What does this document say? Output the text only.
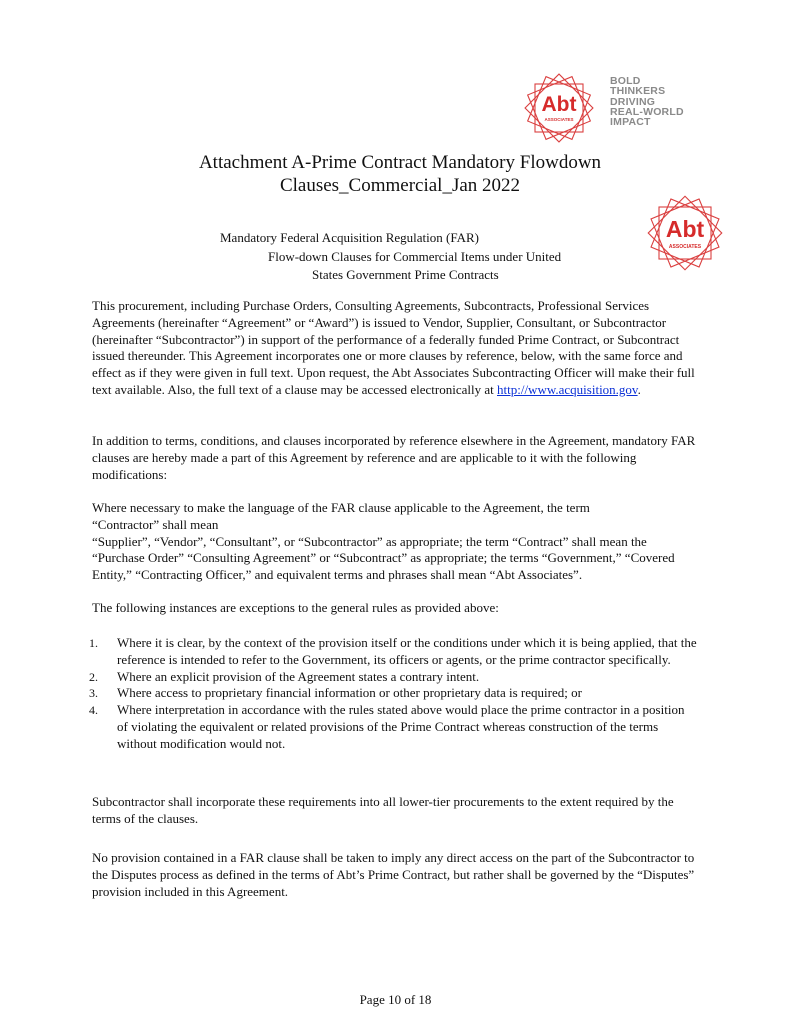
Abt
ASSOCIATES
BOLD
THINKERS
DRIVING
REAL-WORLD
IMPACT
Attachment A-Prime Contract Mandatory Flowdown
Clauses_Commercial_Jan 2022
Mandatory Federal Acquisition Regulation (FAR)
Flow-down Clauses for Commercial Items under United
States Government Prime Contracts
Abt
ASSOCIATES

This procurement, including Purchase Orders, Consulting Agreements, Subcontracts, Professional Services Agreements (hereinafter “Agreement” or “Award”) is issued to Vendor, Supplier, Consultant, or Subcontractor (hereinafter “Subcontractor”) in support of the performance of a federally funded Prime Contract, or Subcontract issued thereunder. This Agreement incorporates one or more clauses by reference, below, with the same force and effect as if they were given in full text. Upon request, the Abt Associates Subcontracting Officer will make their full text available. Also, the full text of a clause may be accessed electronically at http://www.acquisition.gov.

In addition to terms, conditions, and clauses incorporated by reference elsewhere in the Agreement, mandatory FAR clauses are hereby made a part of this Agreement by reference and are applicable to it with the following modifications:

Where necessary to make the language of the FAR clause applicable to the Agreement, the term

“Contractor” shall mean

“Supplier”, “Vendor”, “Consultant”, or “Subcontractor” as appropriate; the term “Contract” shall mean the “Purchase Order” “Consulting Agreement” or “Subcontract” as appropriate; the terms “Government,” “Covered Entity,” “Contracting Officer,” and equivalent terms and phrases shall mean “Abt Associates”.

The following instances are exceptions to the general rules as provided above:

1. Where it is clear, by the context of the provision itself or the conditions under which it is being applied, that the reference is intended to refer to the Government, its officers or agents, or the prime contractor specifically.
2. Where an explicit provision of the Agreement states a contrary intent.
3. Where access to proprietary financial information or other proprietary data is required; or
4. Where interpretation in accordance with the rules stated above would place the prime contractor in a position of violating the equivalent or related provisions of the Prime Contract whereas construction of the terms without modification would not.

Subcontractor shall incorporate these requirements into all lower-tier procurements to the extent required by the terms of the clauses.

No provision contained in a FAR clause shall be taken to imply any direct access on the part of the Subcontractor to the Disputes process as defined in the terms of Abt’s Prime Contract, but rather shall be governed by the “Disputes” provision included in this Agreement.

Page 10 of 18
